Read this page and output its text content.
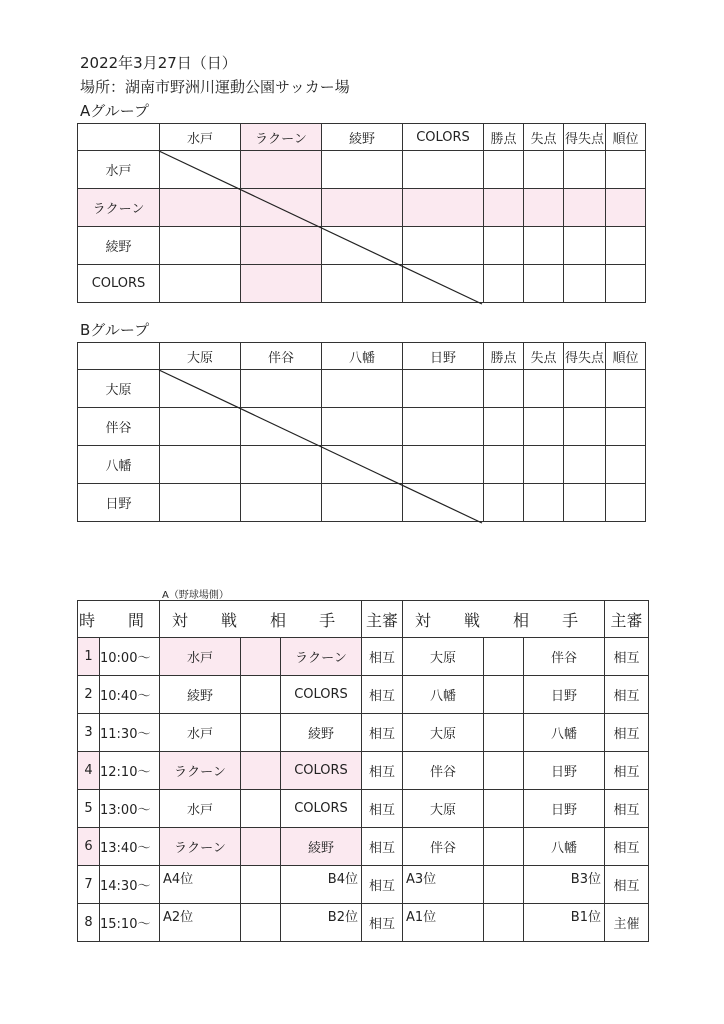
2022年3月27日（日）
場所：湖南市野洲川運動公園サッカー場
Aグループ
	水戸	ラクーン	綾野	COLORS	勝点	失点	得失点	順位
水戸								
ラクーン								
綾野								
COLORS								
Bグループ
	大原	伴谷	八幡	日野	勝点	失点	得失点	順位
大原								
伴谷								
八幡								
日野								
A（野球場側）
時 間		対 戦 相 手			主審	対 戦 相 手			主審
1	10:00〜	水戸		ラクーン	相互	大原		伴谷	相互
2	10:40〜	綾野		COLORS	相互	八幡		日野	相互
3	11:30〜	水戸		綾野	相互	大原		八幡	相互
4	12:10〜	ラクーン		COLORS	相互	伴谷		日野	相互
5	13:00〜	水戸		COLORS	相互	大原		日野	相互
6	13:40〜	ラクーン		綾野	相互	伴谷		八幡	相互
7	14:30〜	A4位		B4位	相互	A3位		B3位	相互
8	15:10〜	A2位		B2位	相互	A1位		B1位	主催
